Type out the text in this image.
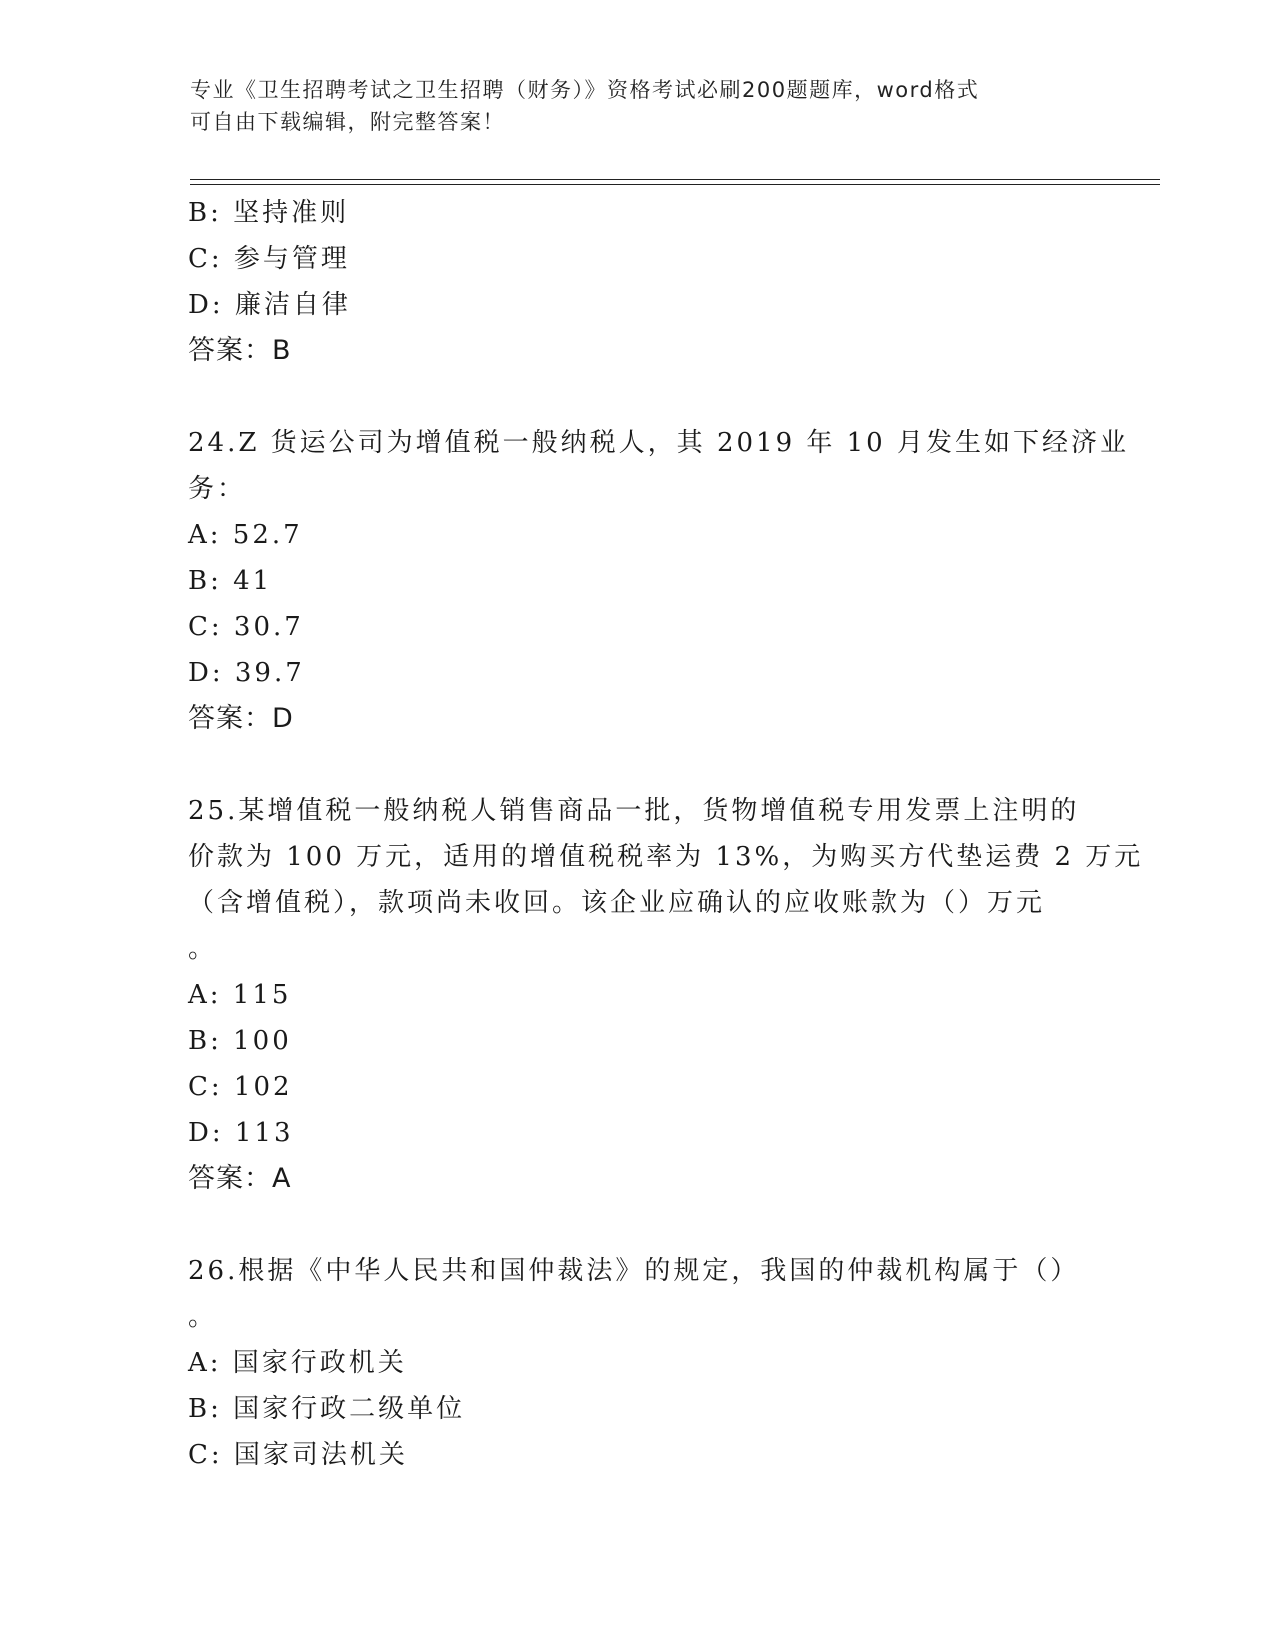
专业《卫生招聘考试之卫生招聘（财务）》资格考试必刷200题题库，word格式
可自由下载编辑，附完整答案！
B: 坚持准则
C: 参与管理
D: 廉洁自律
答案：B
24.Z 货运公司为增值税一般纳税人，其 2019 年 10 月发生如下经济业
务：
A: 52.7
B: 41
C: 30.7
D: 39.7
答案：D
25.某增值税一般纳税人销售商品一批，货物增值税专用发票上注明的
价款为 100 万元，适用的增值税税率为 13%，为购买方代垫运费 2 万元
（含增值税），款项尚未收回。该企业应确认的应收账款为（）万元
。
A: 115
B: 100
C: 102
D: 113
答案：A
26.根据《中华人民共和国仲裁法》的规定，我国的仲裁机构属于（）
。
A: 国家行政机关
B: 国家行政二级单位
C: 国家司法机关
